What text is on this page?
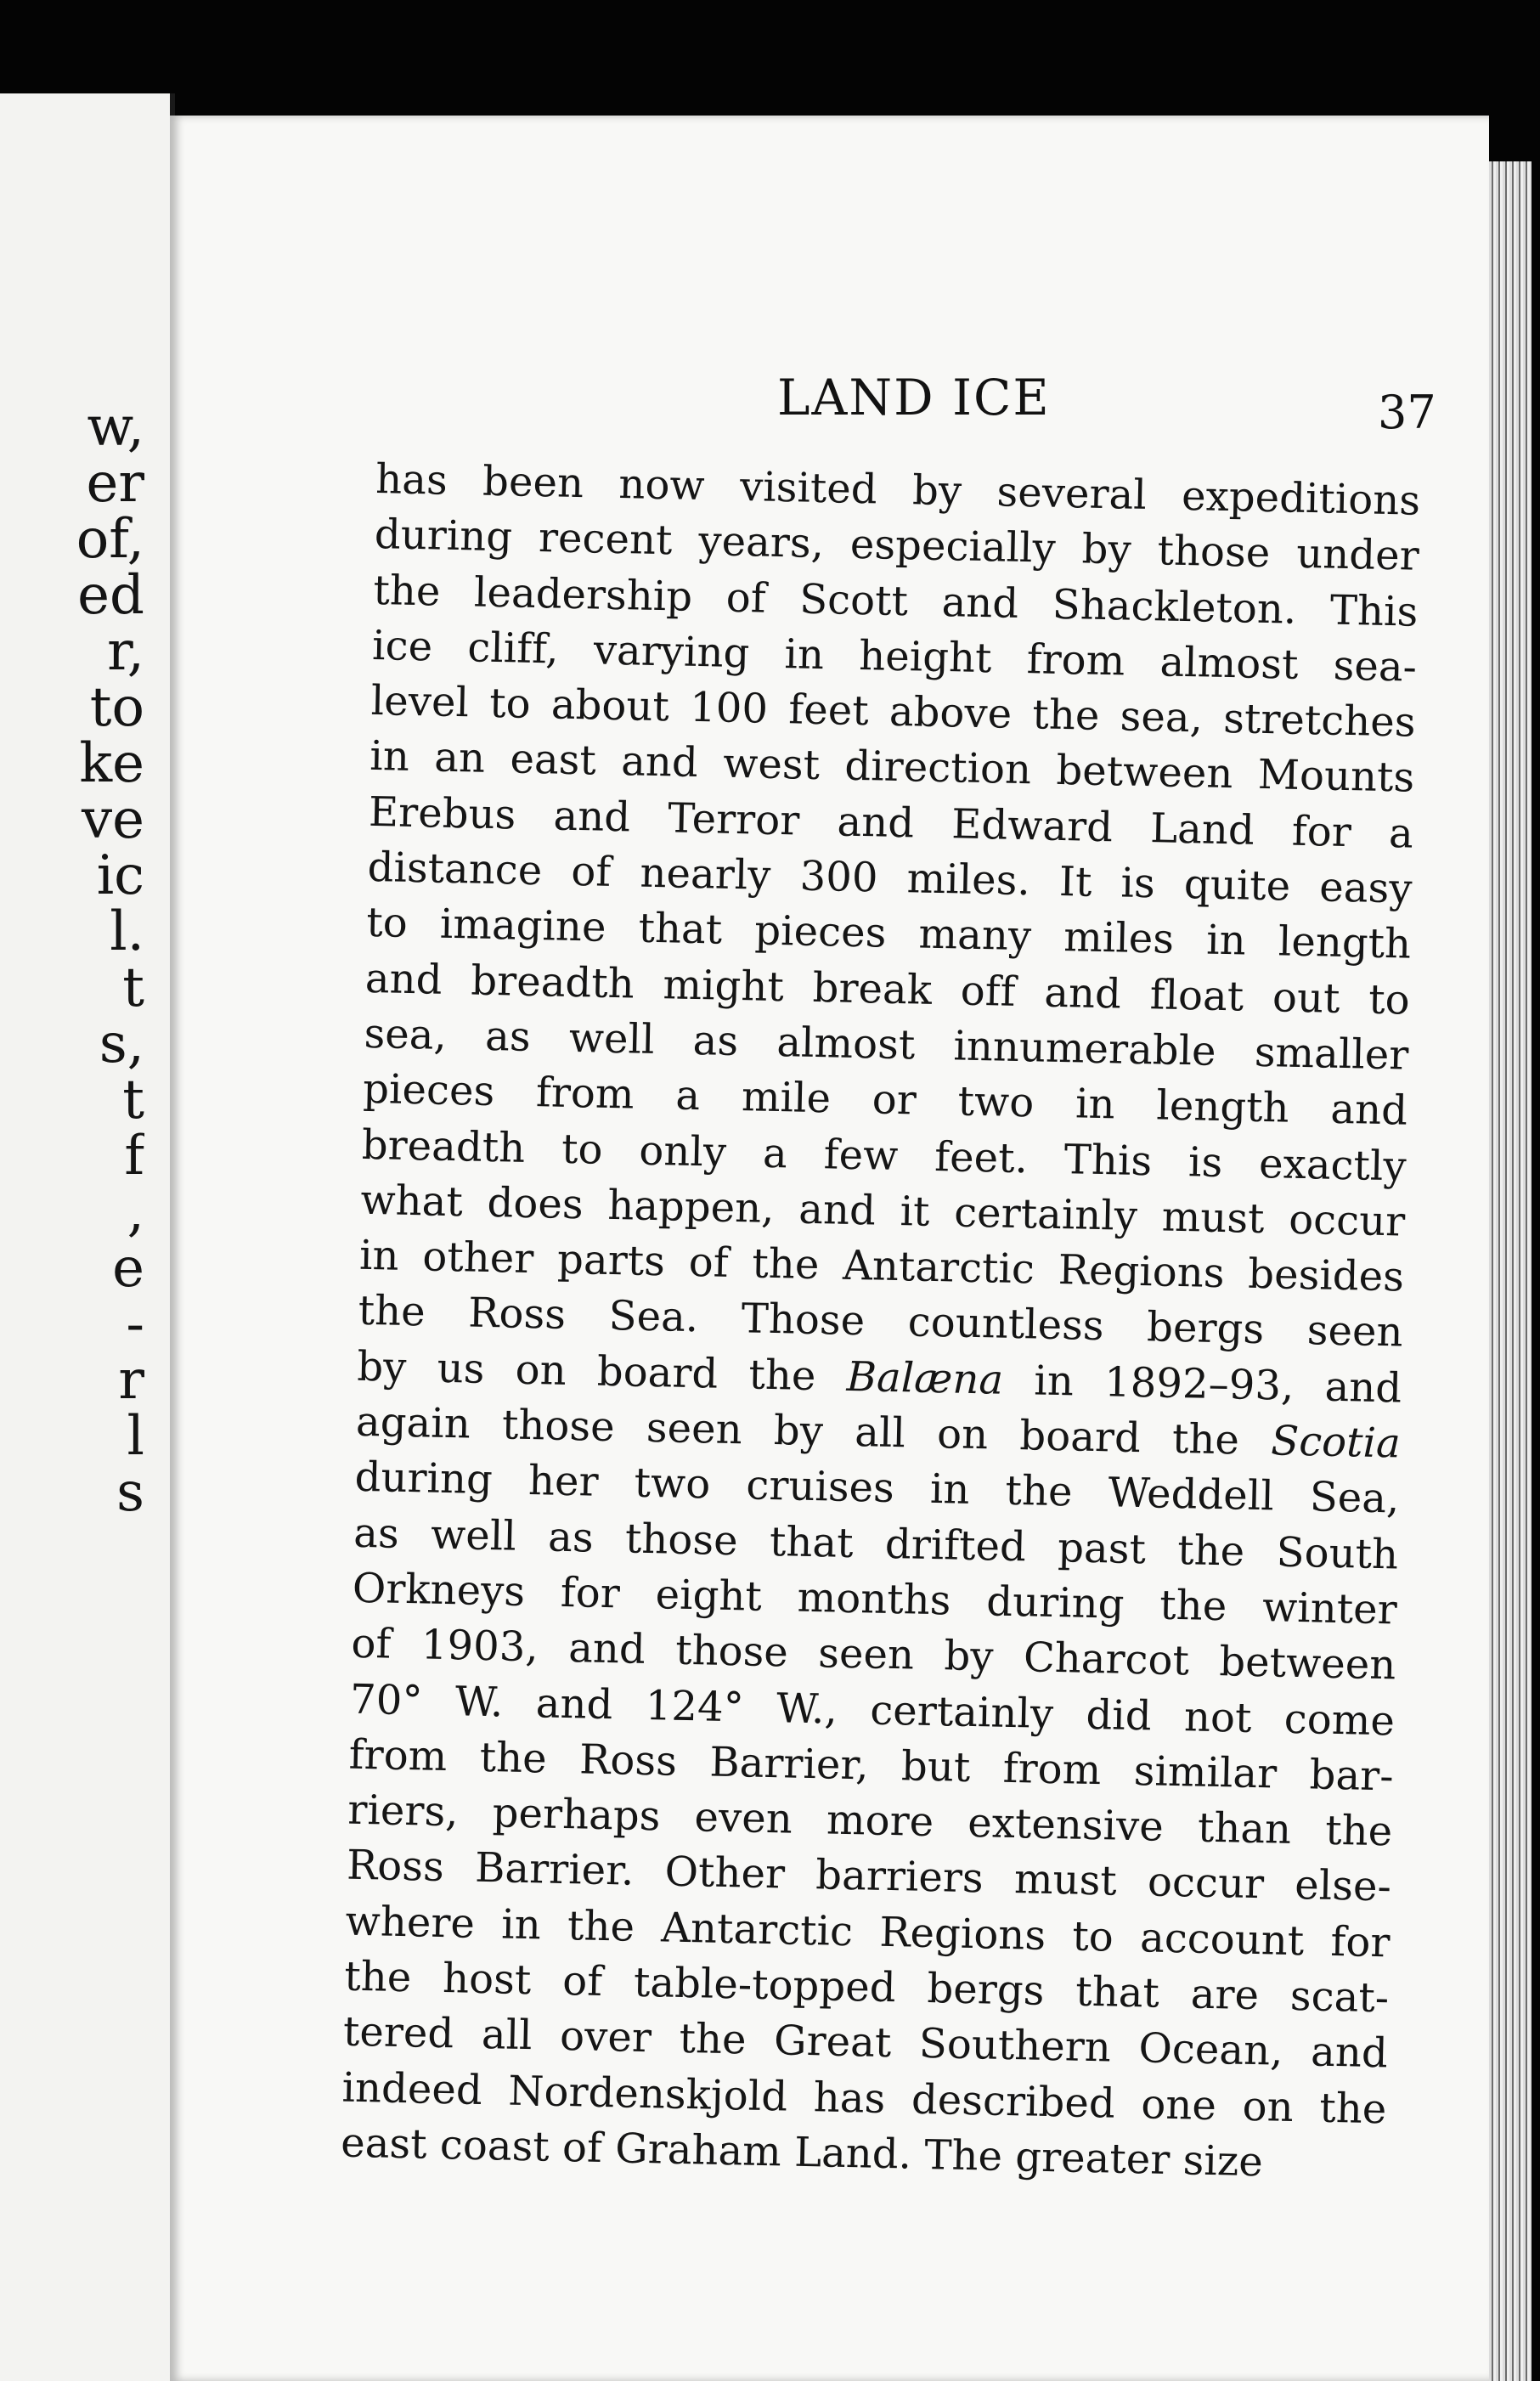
w,
er
of,
ed
r,
to
ke
ve
ic
l.
t
s,
t
f
,
e
-
r
l
s
LAND ICE	37
has been now visited by several expeditions
during recent years, especially by those under
the leadership of Scott and Shackleton. This
ice cliff, varying in height from almost sea-
level to about 100 feet above the sea, stretches
in an east and west direction between Mounts
Erebus and Terror and Edward Land for a
distance of nearly 300 miles. It is quite easy
to imagine that pieces many miles in length
and breadth might break off and float out to
sea, as well as almost innumerable smaller
pieces from a mile or two in length and
breadth to only a few feet. This is exactly
what does happen, and it certainly must occur
in other parts of the Antarctic Regions besides
the Ross Sea. Those countless bergs seen
by us on board the Balæna in 1892–93, and
again those seen by all on board the Scotia
during her two cruises in the Weddell Sea,
as well as those that drifted past the South
Orkneys for eight months during the winter
of 1903, and those seen by Charcot between
70° W. and 124° W., certainly did not come
from the Ross Barrier, but from similar bar-
riers, perhaps even more extensive than the
Ross Barrier. Other barriers must occur else-
where in the Antarctic Regions to account for
the host of table-topped bergs that are scat-
tered all over the Great Southern Ocean, and
indeed Nordenskjold has described one on the
east coast of Graham Land. The greater size
